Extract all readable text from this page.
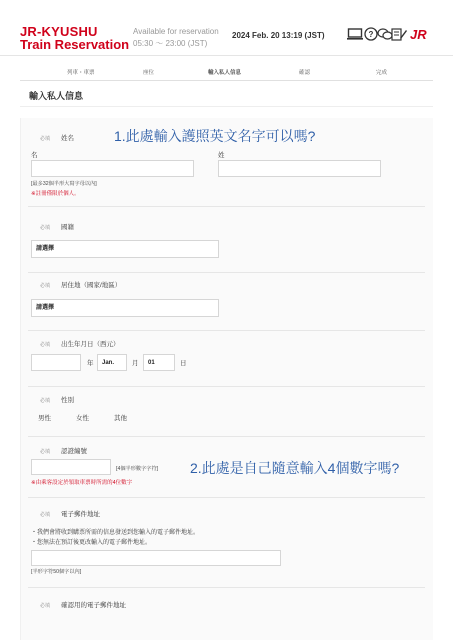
JR-KYUSHU
Train Reservation
Available for reservation
05:30 ～ 23:00 (JST)
2024 Feb. 20 13:19 (JST)	?	JR
列車・車票	座位	輸入私人信息	確認	完成
輸入私人信息
必填 姓名	1.此處輸入護照英文名字可以嗎?
名	姓
[最多32個半形大寫字母以內]
※註冊僅限於個人。
必填 國籍
請選擇
必填 居住地（國家/地區）
請選擇
必填 出生年月日（西元）
年	Jan.	月	01	日
必填 性別
男性	女性	其他
必填 認證編號
[4個半形數字字符] 2.此處是自己隨意輸入4個數字嗎?
※由乘客設定於領取車票時所需的4位數字
必填 電子郵件地址
・我們會將收到購票所需的信息發送到您輸入的電子郵件地址。
・您無法在預訂後更改輸入的電子郵件地址。
[半形字符50個字以內]
必填 確認用的電子郵件地址
